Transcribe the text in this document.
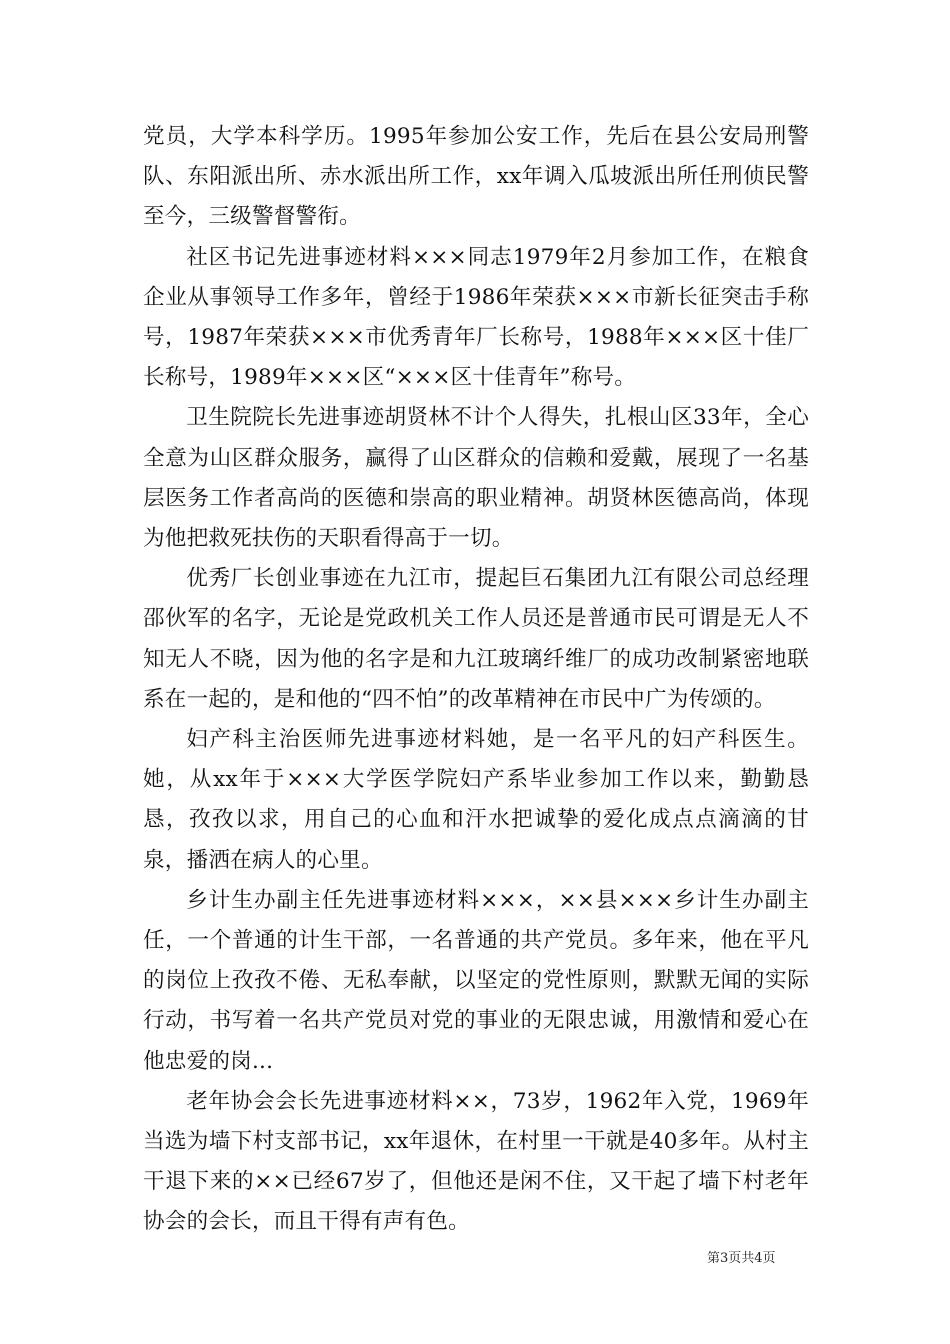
党员，大学本科学历。1995年参加公安工作，先后在县公安局刑警队、东阳派出所、赤水派出所工作，xx年调入瓜坡派出所任刑侦民警至今，三级警督警衔。

社区书记先进事迹材料×××同志1979年2月参加工作，在粮食企业从事领导工作多年，曾经于1986年荣获×××市新长征突击手称号，1987年荣获×××市优秀青年厂长称号，1988年×××区十佳厂长称号，1989年×××区“×××区十佳青年”称号。

卫生院院长先进事迹胡贤林不计个人得失，扎根山区33年，全心全意为山区群众服务，赢得了山区群众的信赖和爱戴，展现了一名基层医务工作者高尚的医德和崇高的职业精神。胡贤林医德高尚，体现为他把救死扶伤的天职看得高于一切。

优秀厂长创业事迹在九江市，提起巨石集团九江有限公司总经理邵伙军的名字，无论是党政机关工作人员还是普通市民可谓是无人不知无人不晓，因为他的名字是和九江玻璃纤维厂的成功改制紧密地联系在一起的，是和他的“四不怕”的改革精神在市民中广为传颂的。

妇产科主治医师先进事迹材料她，是一名平凡的妇产科医生。她，从xx年于×××大学医学院妇产系毕业参加工作以来，勤勤恳恳，孜孜以求，用自己的心血和汗水把诚挚的爱化成点点滴滴的甘泉，播洒在病人的心里。

乡计生办副主任先进事迹材料×××，××县×××乡计生办副主任，一个普通的计生干部，一名普通的共产党员。多年来，他在平凡的岗位上孜孜不倦、无私奉献，以坚定的党性原则，默默无闻的实际行动，书写着一名共产党员对党的事业的无限忠诚，用激情和爱心在他忠爱的岗...

老年协会会长先进事迹材料××，73岁，1962年入党，1969年当选为墙下村支部书记，xx年退休，在村里一干就是40多年。从村主干退下来的××已经67岁了，但他还是闲不住，又干起了墙下村老年协会的会长，而且干得有声有色。

第3页共4页
